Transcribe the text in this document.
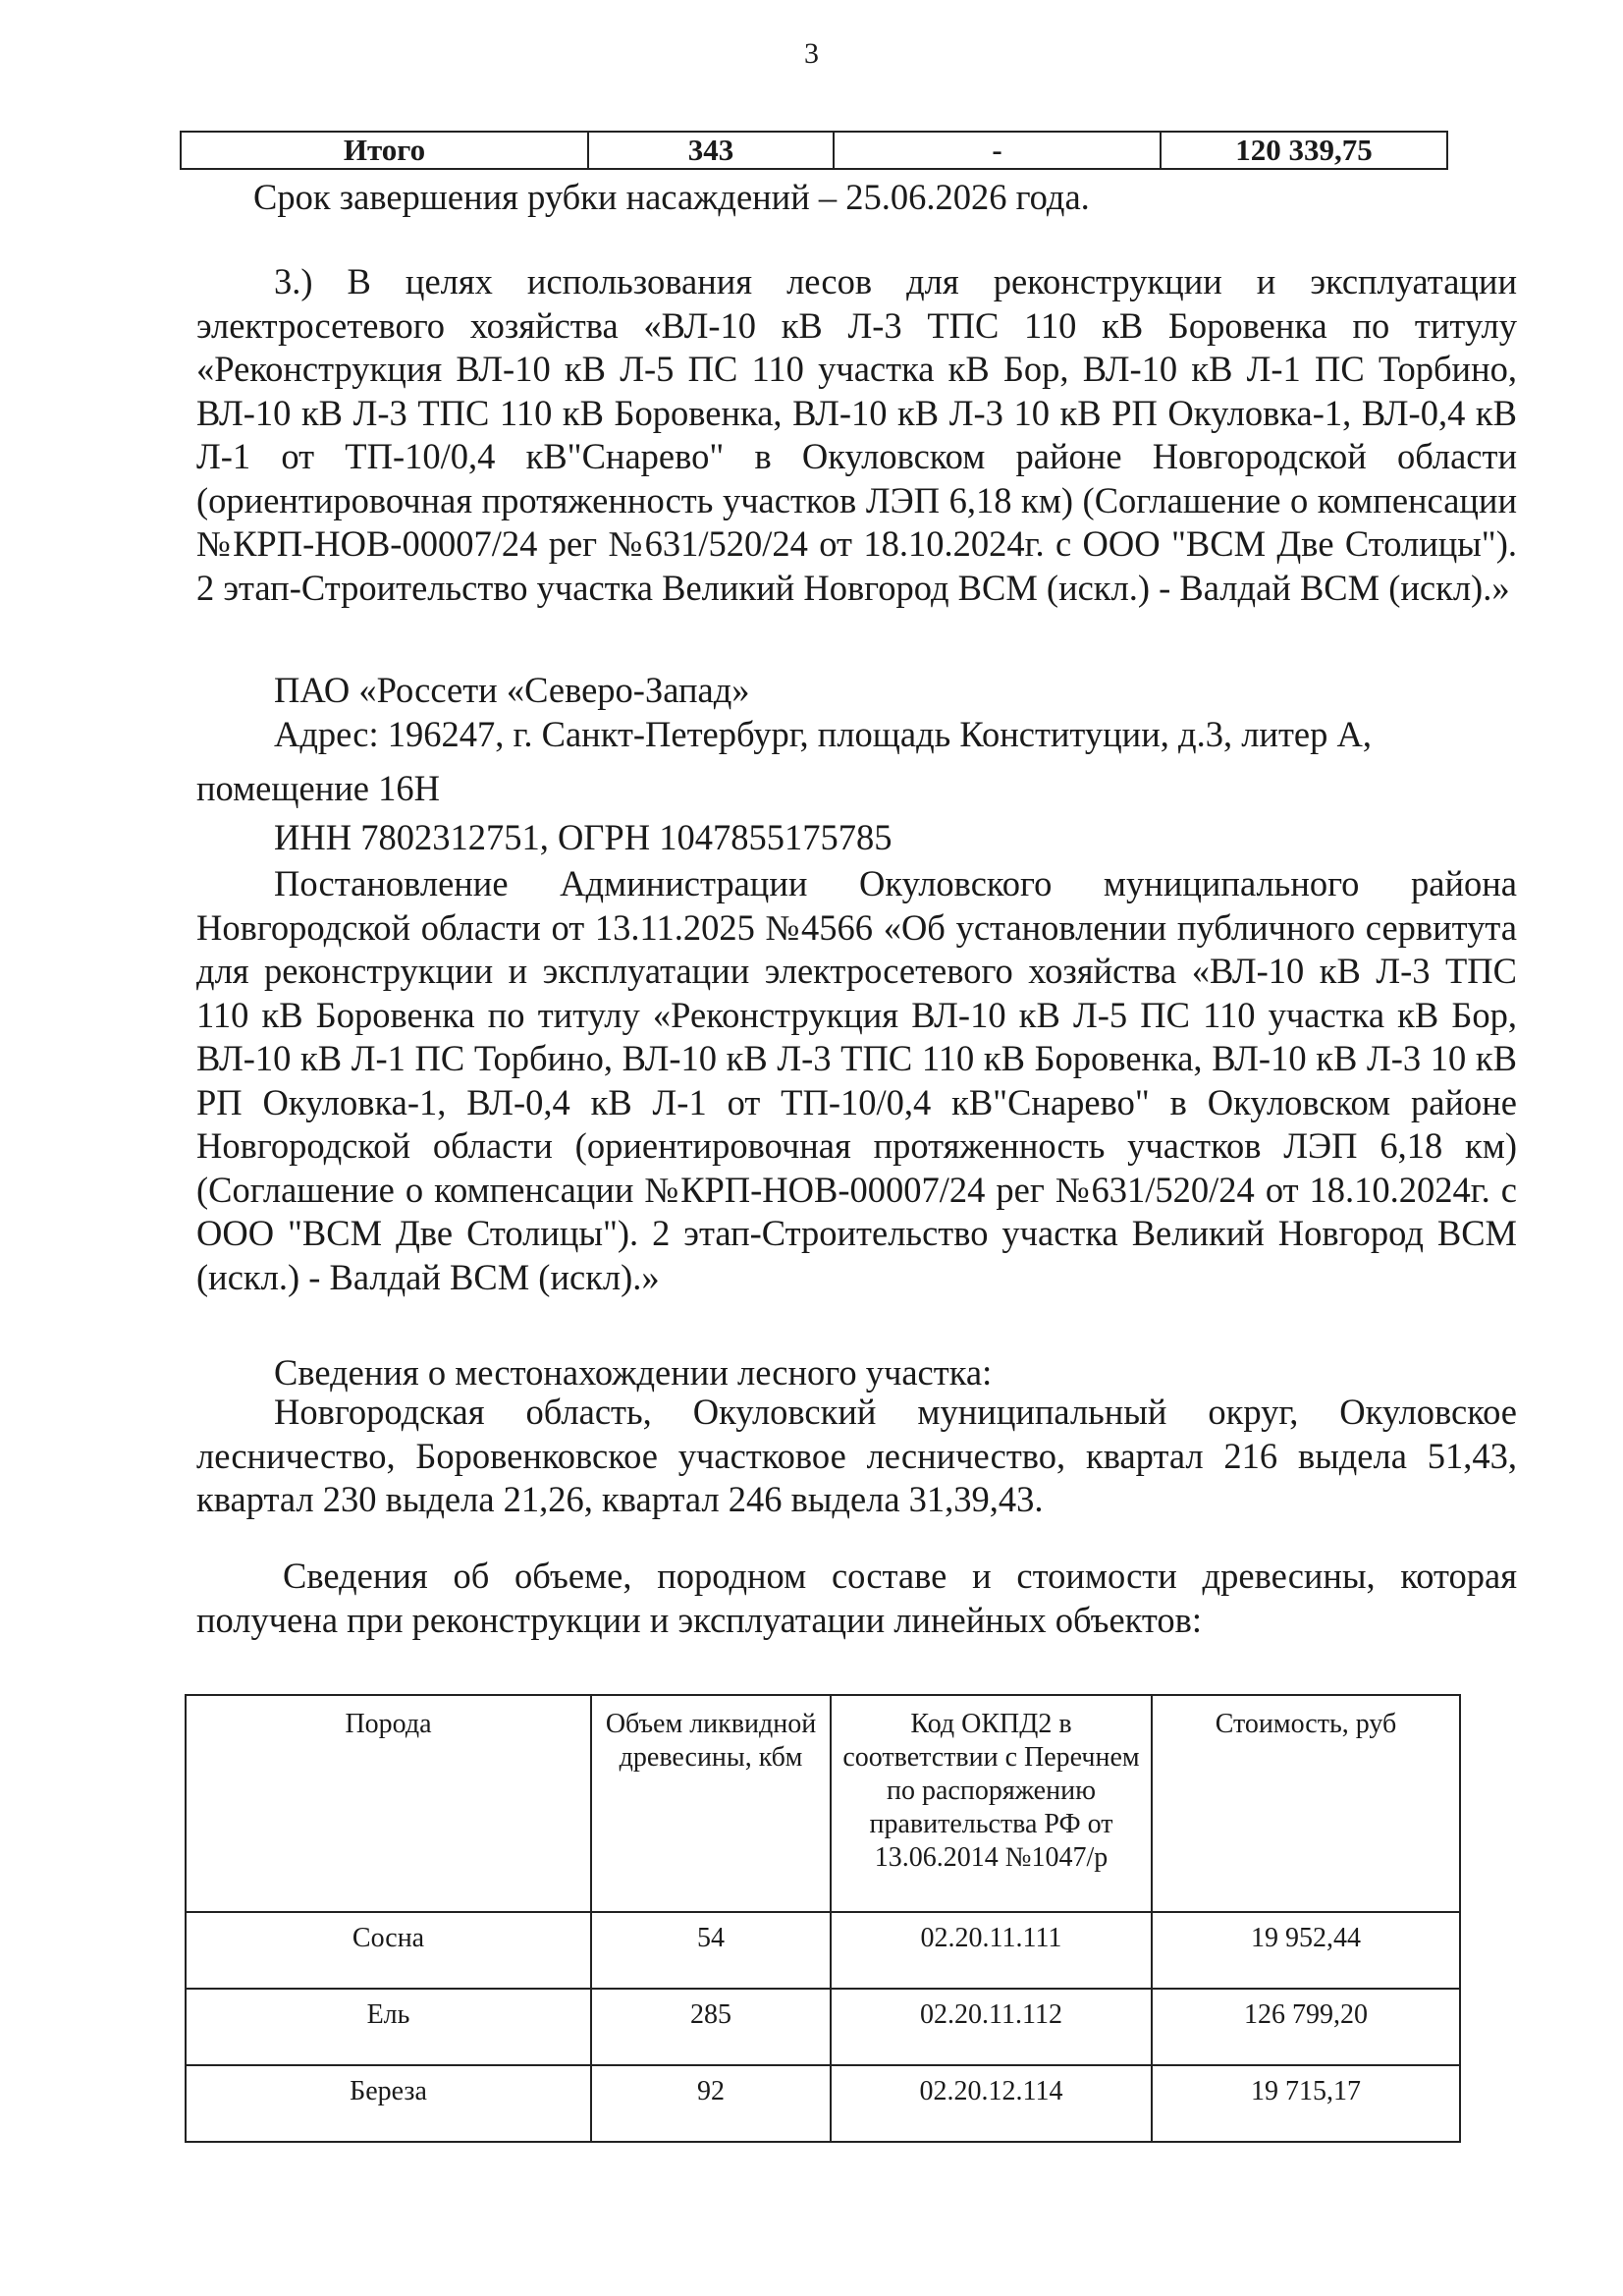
3
Итого	343	-	120 339,75
Срок завершения рубки насаждений – 25.06.2026 года.
3.) В целях использования лесов для реконструкции и эксплуатации электросетевого хозяйства «ВЛ-10 кВ Л-3 ТПС 110 кВ Боровенка по титулу «Реконструкция ВЛ-10 кВ Л-5 ПС 110 участка кВ Бор, ВЛ-10 кВ Л-1 ПС Торбино, ВЛ-10 кВ Л-3 ТПС 110 кВ Боровенка, ВЛ-10 кВ Л-3 10 кВ РП Окуловка-1, ВЛ-0,4 кВ Л-1 от ТП-10/0,4 кВ"Снарево" в Окуловском районе Новгородской области (ориентировочная протяженность участков ЛЭП 6,18 км) (Соглашение о компенсации №КРП-НОВ-00007/24 рег №631/520/24 от 18.10.2024г. с ООО "ВСМ Две Столицы"). 2 этап-Строительство участка Великий Новгород ВСМ (искл.) - Валдай ВСМ (искл).»
ПАО «Россети «Северо-Запад»
Адрес: 196247, г. Санкт-Петербург, площадь Конституции, д.3, литер А,
помещение 16Н
ИНН 7802312751, ОГРН 1047855175785
Постановление Администрации Окуловского муниципального района Новгородской области от 13.11.2025 №4566 «Об установлении публичного сервитута для реконструкции и эксплуатации электросетевого хозяйства «ВЛ-10 кВ Л-3 ТПС 110 кВ Боровенка по титулу «Реконструкция ВЛ-10 кВ Л-5 ПС 110 участка кВ Бор, ВЛ-10 кВ Л-1 ПС Торбино, ВЛ-10 кВ Л-3 ТПС 110 кВ Боровенка, ВЛ-10 кВ Л-3 10 кВ РП Окуловка-1, ВЛ-0,4 кВ Л-1 от ТП-10/0,4 кВ"Снарево" в Окуловском районе Новгородской области (ориентировочная протяженность участков ЛЭП 6,18 км) (Соглашение о компенсации №КРП-НОВ-00007/24 рег №631/520/24 от 18.10.2024г. с ООО "ВСМ Две Столицы"). 2 этап-Строительство участка Великий Новгород ВСМ (искл.) - Валдай ВСМ (искл).»
Сведения о местонахождении лесного участка:
Новгородская область, Окуловский муниципальный округ, Окуловское лесничество, Боровенковское участковое лесничество, квартал 216 выдела 51,43, квартал 230 выдела 21,26, квартал 246 выдела 31,39,43.
Сведения об объеме, породном составе и стоимости древесины, которая получена при реконструкции и эксплуатации линейных объектов:
Порода	Объем ликвидной древесины, кбм	Код ОКПД2 в соответствии с Перечнем по распоряжению правительства РФ от 13.06.2014 №1047/р	Стоимость, руб
Сосна	54	02.20.11.111	19 952,44
Ель	285	02.20.11.112	126 799,20
Береза	92	02.20.12.114	19 715,17
